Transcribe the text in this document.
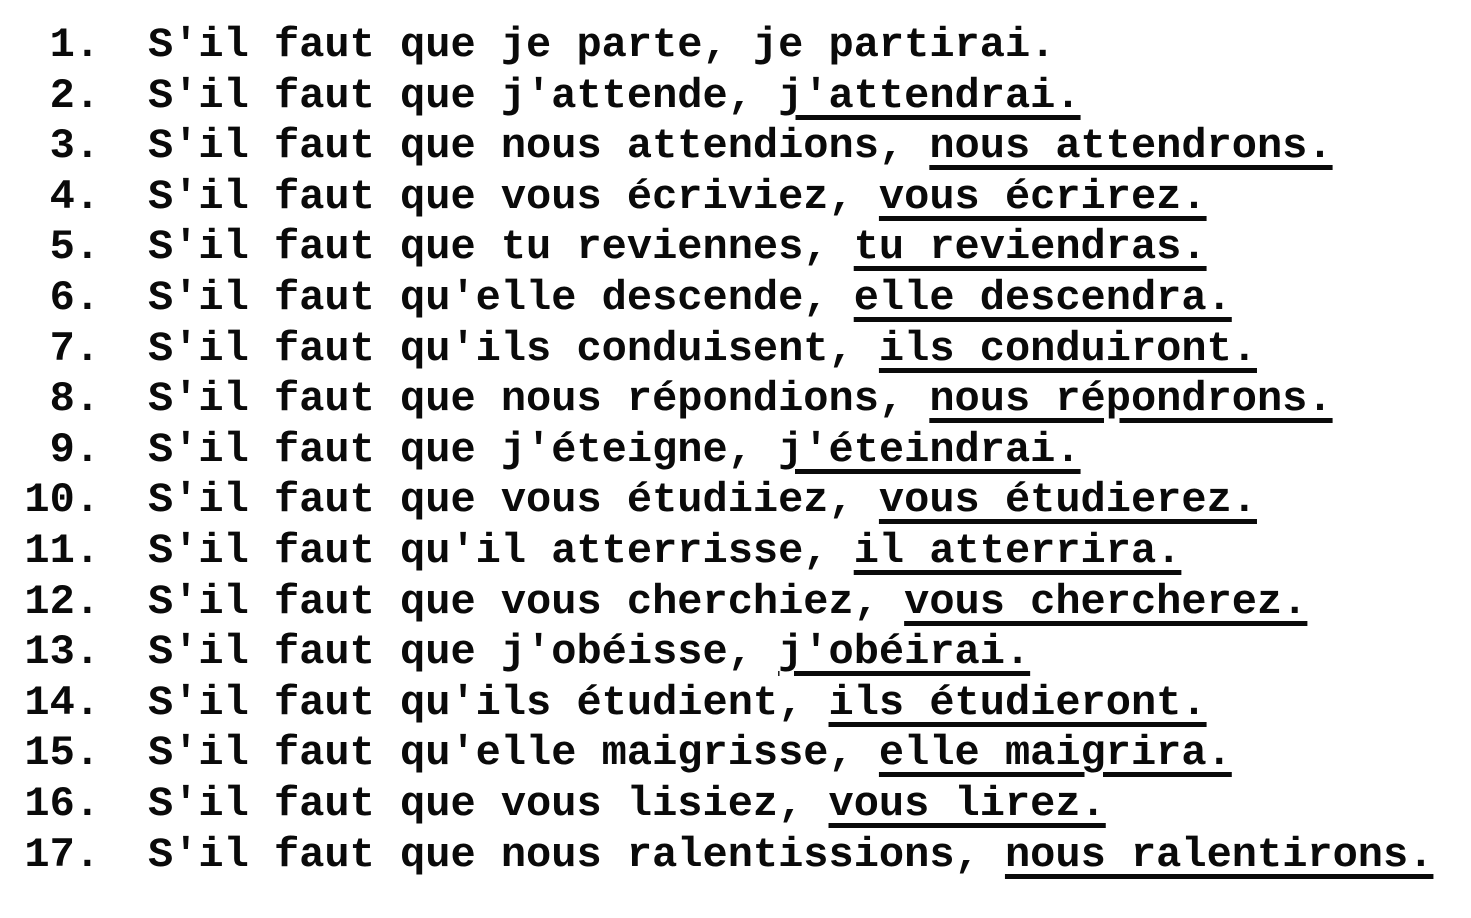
1. S'il faut que je parte, je partirai.
2. S'il faut que j'attende, j'attendrai.
3. S'il faut que nous attendions, nous attendrons.
4. S'il faut que vous écriviez, vous écrirez.
5. S'il faut que tu reviennes, tu reviendras.
6. S'il faut qu'elle descende, elle descendra.
7. S'il faut qu'ils conduisent, ils conduiront.
8. S'il faut que nous répondions, nous répondrons.
9. S'il faut que j'éteigne, j'éteindrai.
10. S'il faut que vous étudiiez, vous étudierez.
11. S'il faut qu'il atterrisse, il atterrira.
12. S'il faut que vous cherchiez, vous chercherez.
13. S'il faut que j'obéisse, j'obéirai.
14. S'il faut qu'ils étudient, ils étudieront.
15. S'il faut qu'elle maigrisse, elle maigrira.
16. S'il faut que vous lisiez, vous lirez.
17. S'il faut que nous ralentissions, nous ralentirons.
